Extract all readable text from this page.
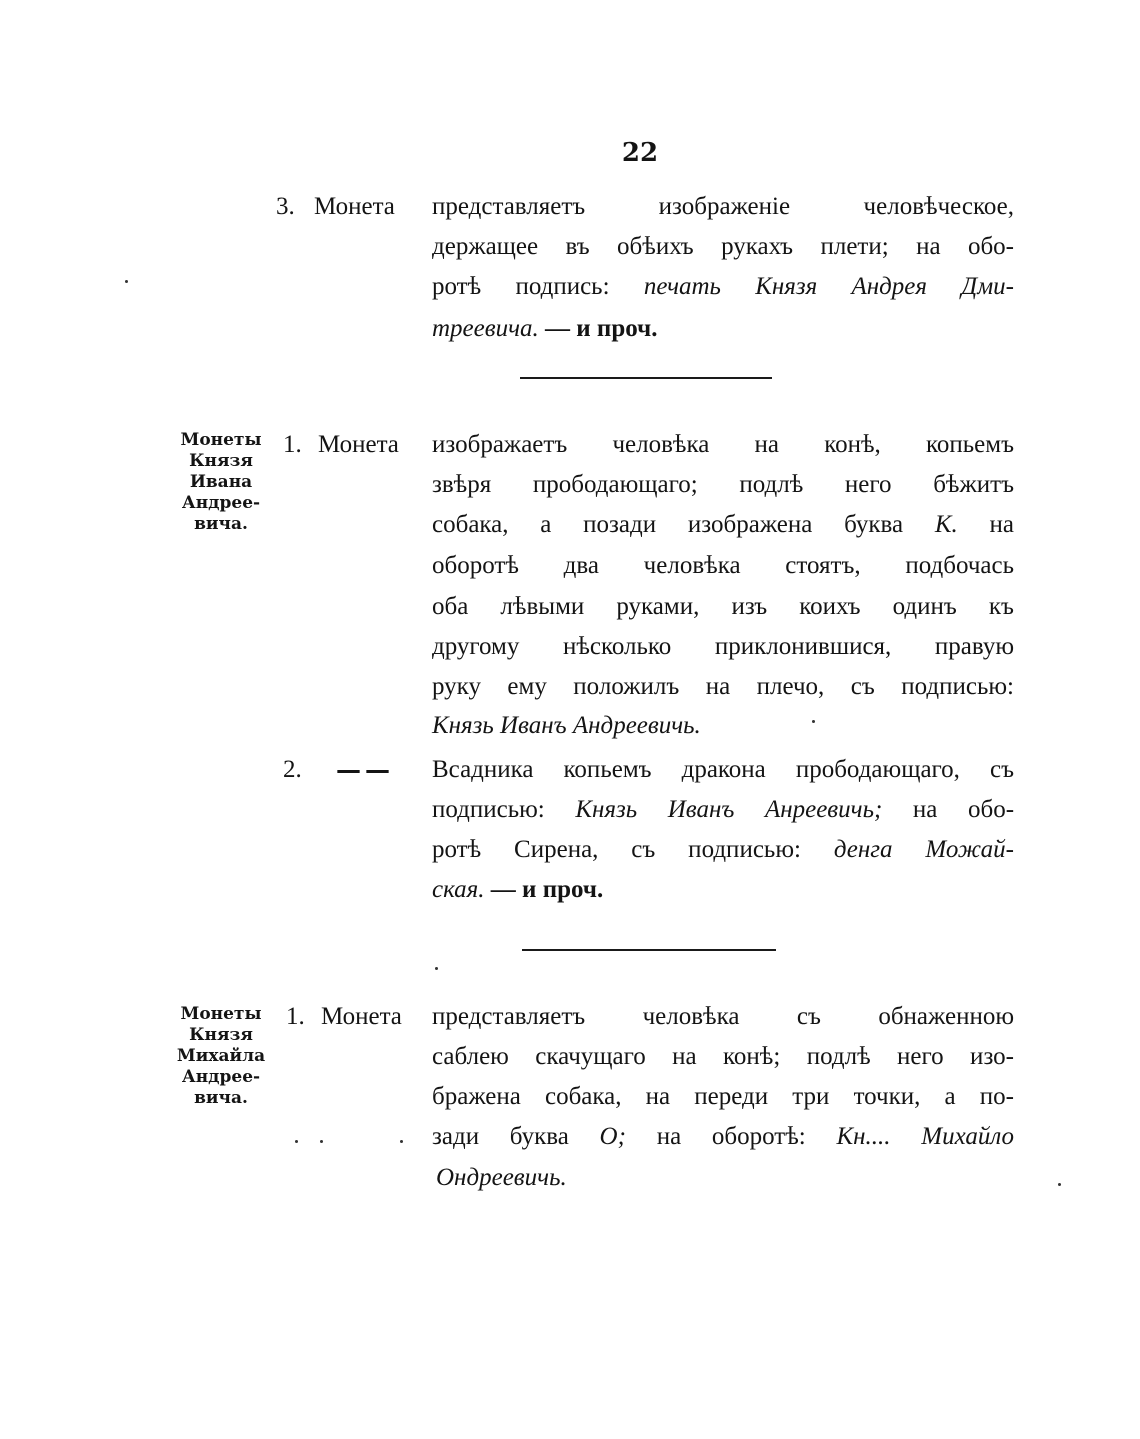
22
3. Монета представляетъ изображеніе человѣческое,
держащее въ обѣихъ рукахъ плети; на обо-
ротѣ подпись: печать Князя Андрея Дми-
треевича. — и проч.
Монеты
Князя
Ивана
Андрее-
вича.
1. Монета изображаетъ человѣка на конѣ, копьемъ
звѣря прободающаго; подлѣ него бѣжитъ
собака, а позади изображена буква К. на
оборотѣ два человѣка стоятъ, подбочась
оба лѣвыми руками, изъ коихъ одинъ къ
другому нѣсколько приклонившися, правую
руку ему положилъ на плечо, съ подписью:
Князь Иванъ Андреевичь.
2. —— Всадника копьемъ дракона прободающаго, съ
подписью: Князь Иванъ Анреевичь; на обо-
ротѣ Сирена, съ подписью: денга Можай-
ская. — и проч.
Монеты
Князя
Михайла
Андрее-
вича.
1. Монета представляетъ человѣка съ обнаженною
саблею скачущаго на конѣ; подлѣ него изо-
бражена собака, на переди три точки, а по-
зади буква О; на оборотѣ: Кн.... Михайло
Ондреевичь.
